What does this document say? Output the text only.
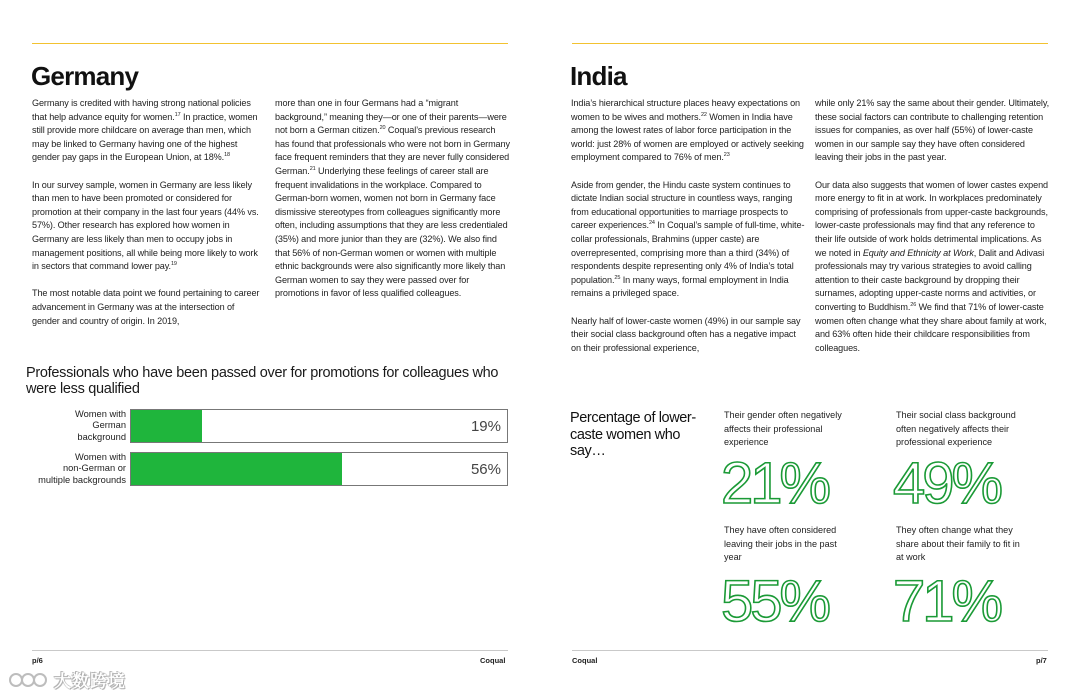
Germany

Germany is credited with having strong national policies that help advance equity for women.$^{17}$ In practice, women still provide more childcare on average than men, which may be linked to Germany having one of the highest gender pay gaps in the European Union, at 18%.$^{18}$

In our survey sample, women in Germany are less likely than men to have been promoted or considered for promotion at their company in the last four years (44% vs. 57%). Other research has explored how women in Germany are less likely than men to occupy jobs in management positions, all while being more likely to work in sectors that command lower pay.$^{19}$

The most notable data point we found pertaining to career advancement in Germany was at the intersection of gender and country of origin. In 2019,

more than one in four Germans had a “migrant background,” meaning they—or one of their parents—were not born a German citizen.$^{20}$ Coqual’s previous research has found that professionals who were not born in Germany face frequent reminders that they are never fully considered German.$^{21}$ Underlying these feelings of career stall are frequent invalidations in the workplace. Compared to German-born women, women not born in Germany face dismissive stereotypes from colleagues significantly more often, including assumptions that they are less credentialed (35%) and more junior than they are (32%). We also find that 56% of non-German women or women with multiple ethnic backgrounds were also significantly more likely than German women to say they were passed over for promotions in favor of less qualified colleagues.

Professionals who have been passed over for promotions for colleagues who were less qualified
Women with
German
background
19%
Women with
non-German or
multiple backgrounds
56%
p/6	Coqual
India

India’s hierarchical structure places heavy expectations on women to be wives and mothers.$^{22}$ Women in India have among the lowest rates of labor force participation in the world: just 28% of women are employed or actively seeking employment compared to 76% of men.$^{23}$

Aside from gender, the Hindu caste system continues to dictate Indian social structure in countless ways, ranging from educational opportunities to marriage prospects to career experiences.$^{24}$ In Coqual’s sample of full-time, white-collar professionals, Brahmins (upper caste) are overrepresented, comprising more than a third (34%) of respondents despite representing only 4% of India’s total population.$^{25}$ In many ways, formal employment in India remains a privileged space.

Nearly half of lower-caste women (49%) in our sample say their social class background often has a negative impact on their professional experience,

while only 21% say the same about their gender. Ultimately, these social factors can contribute to challenging retention issues for companies, as over half (55%) of lower-caste women in our sample say they have often considered leaving their jobs in the past year.

Our data also suggests that women of lower castes expend more energy to fit in at work. In workplaces predominately comprising of professionals from upper-caste backgrounds, lower-caste professionals may find that any reference to their life outside of work holds detrimental implications. As we noted in Equity and Ethnicity at Work, Dalit and Adivasi professionals may try various strategies to avoid calling attention to their caste background by dropping their surnames, adopting upper-caste norms and activities, or converting to Buddhism.$^{26}$ We find that 71% of lower-caste women often change what they share about family at work, and 63% often hide their childcare responsibilities from colleagues.

Percentage of lower-caste women who say…
Their gender often negatively affects their professional experience
21%
Their social class background often negatively affects their professional experience
49%
They have often considered leaving their jobs in the past year
55%
They often change what they share about their family to fit in at work
71%
Coqual	p/7
大数跨境
